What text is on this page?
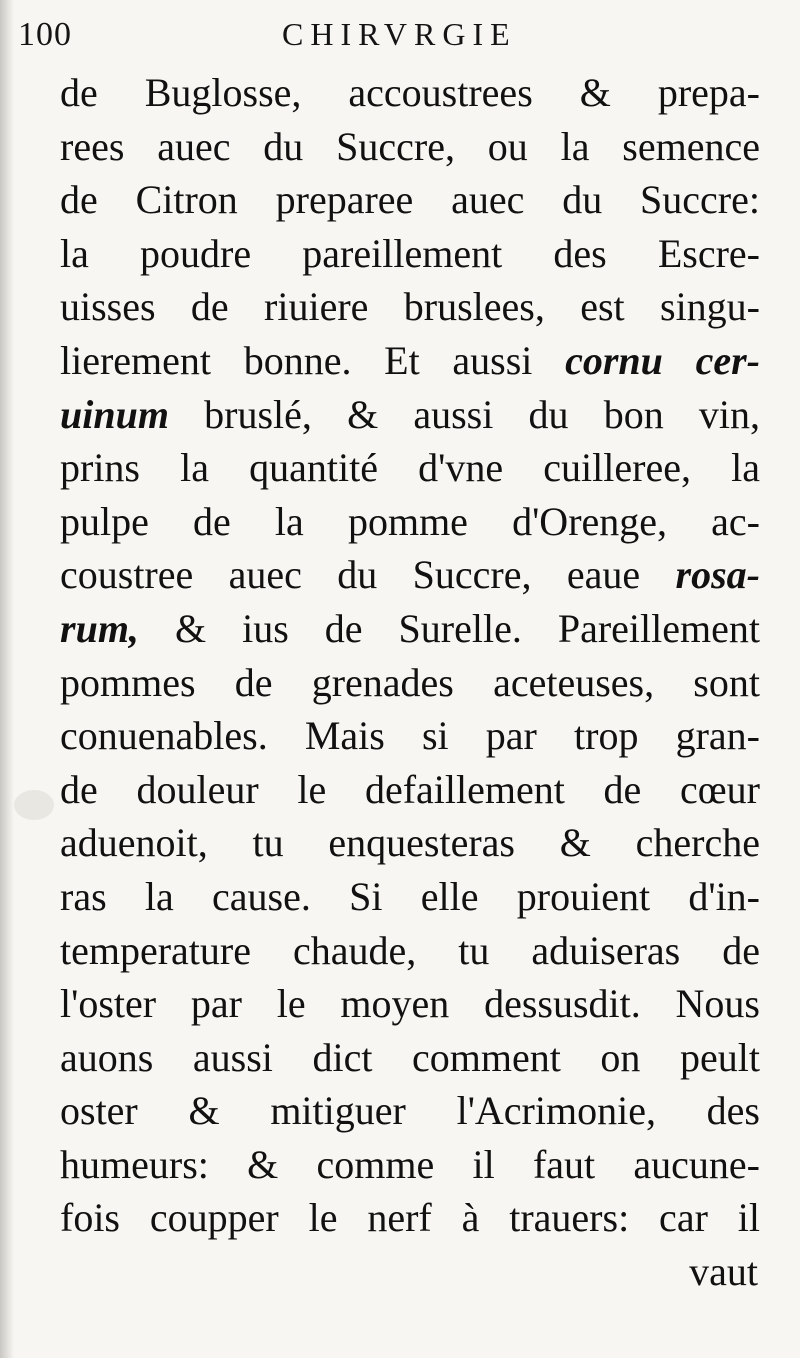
100	CHIRVRGIE
de Buglosse, accoustrees & prepa-
rees auec du Succre, ou la semence
de Citron preparee auec du Succre:
la poudre pareillement des Escre-
uisses de riuiere bruslees, est singu-
lierement bonne. Et aussi cornu cer-
uinum bruslé, & aussi du bon vin,
prins la quantité d'vne cuilleree, la
pulpe de la pomme d'Orenge, ac-
coustree auec du Succre, eaue rosa-
rum, & ius de Surelle. Pareillement
pommes de grenades aceteuses, sont
conuenables. Mais si par trop gran-
de douleur le defaillement de cœur
aduenoit, tu enquesteras & cherche
ras la cause. Si elle prouient d'in-
temperature chaude, tu aduiseras de
l'oster par le moyen dessusdit. Nous
auons aussi dict comment on peult
oster & mitiguer l'Acrimonie, des
humeurs: & comme il faut aucune-
fois coupper le nerf à trauers: car il
vaut
